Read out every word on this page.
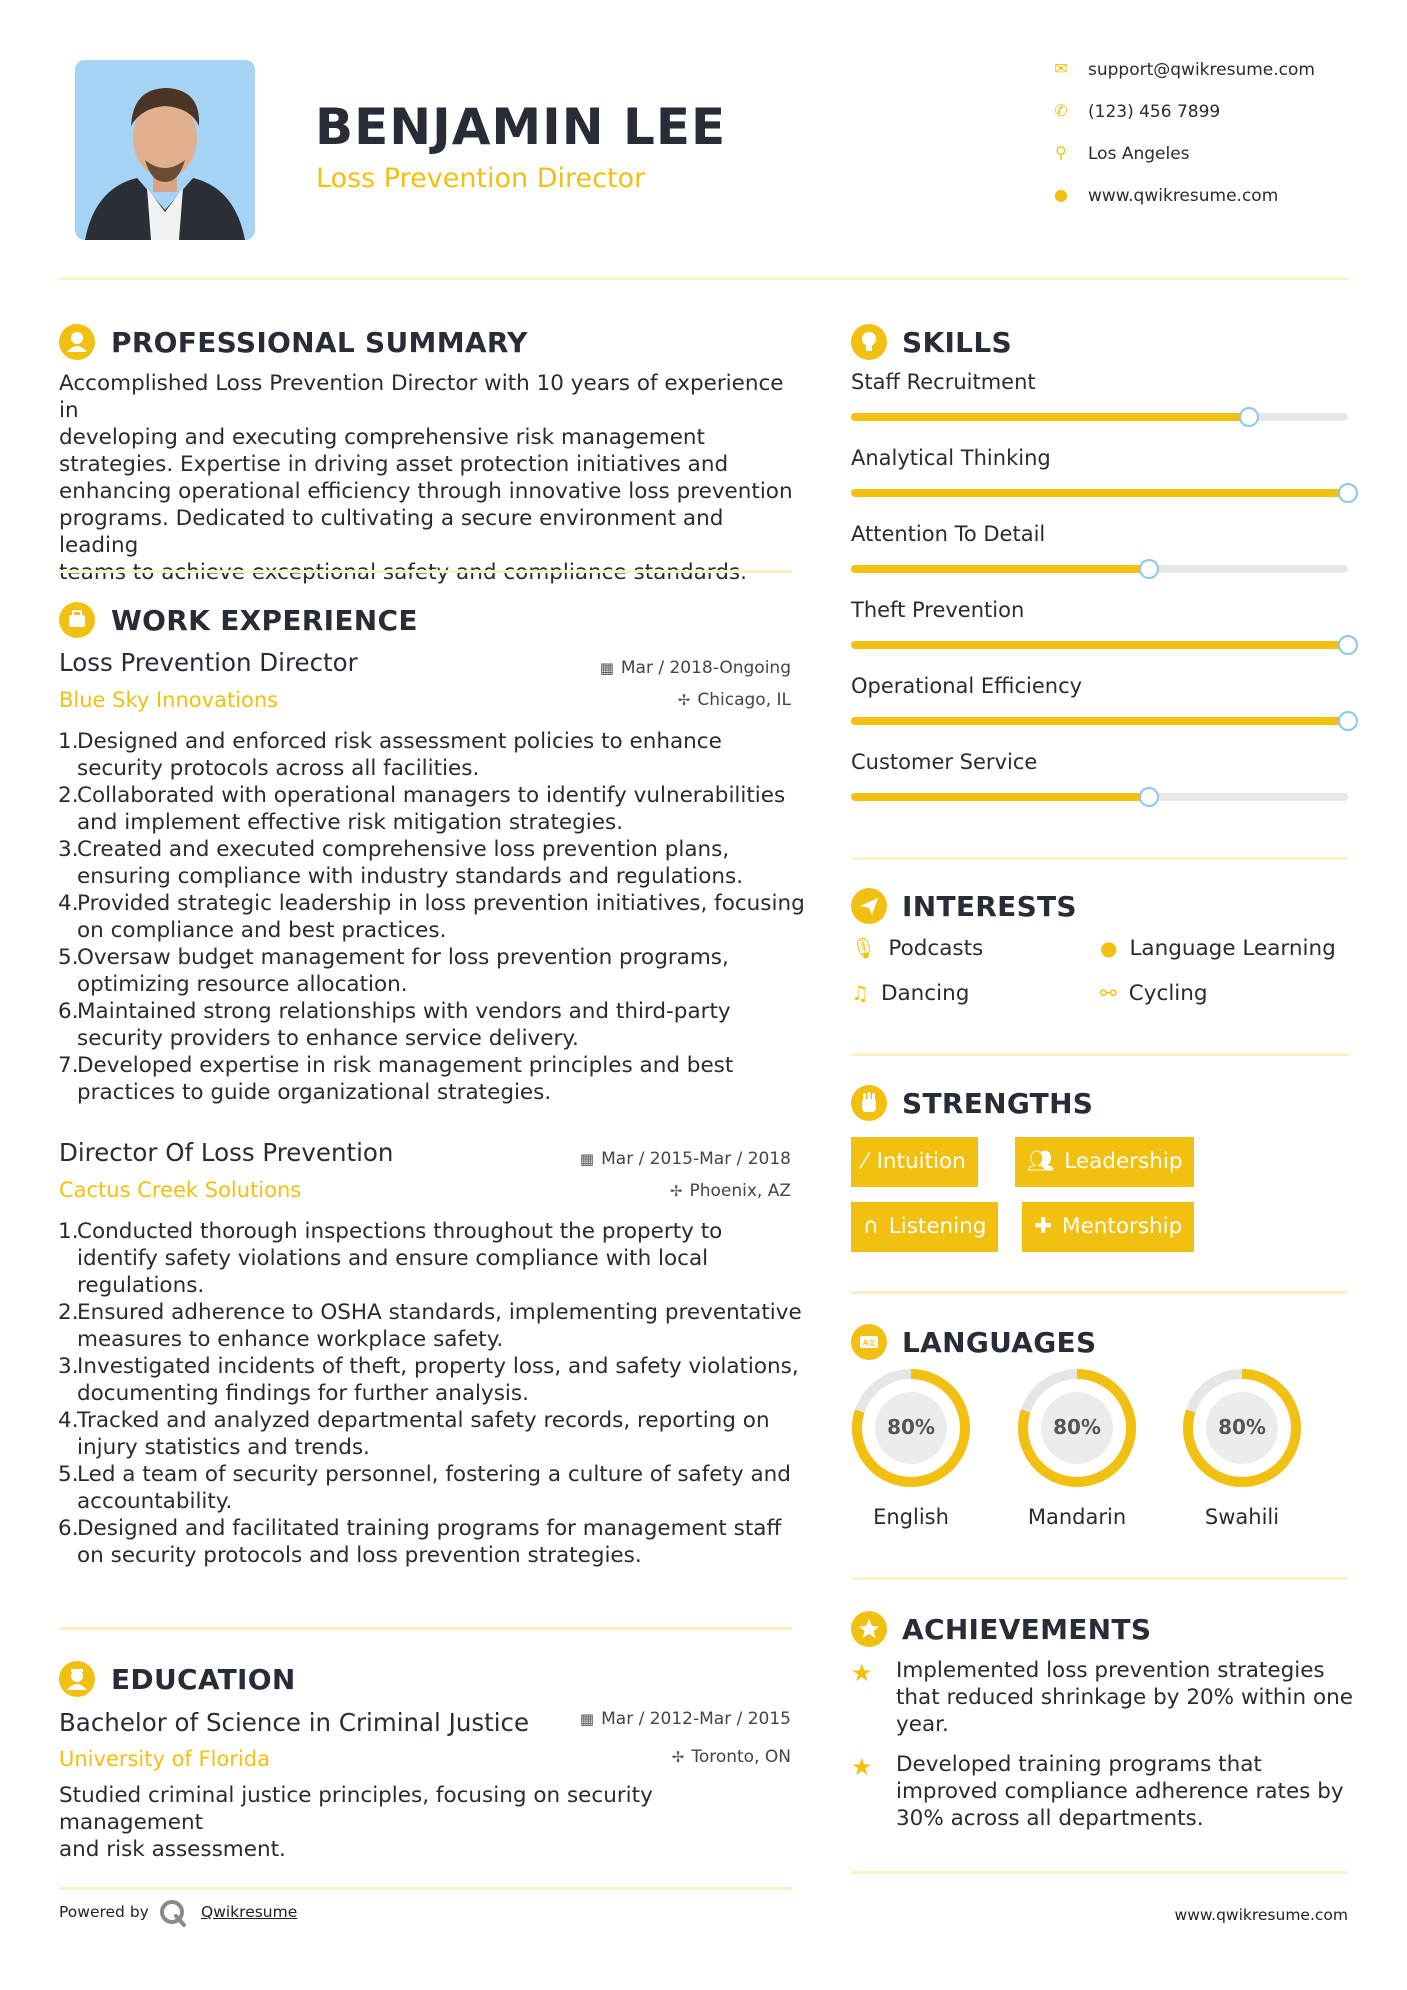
BENJAMIN LEE
Loss Prevention Director
✉ support@qwikresume.com
✆ (123) 456 7899
⚲ Los Angeles
● www.qwikresume.com
PROFESSIONAL SUMMARY
Accomplished Loss Prevention Director with 10 years of experience in
developing and executing comprehensive risk management
strategies. Expertise in driving asset protection initiatives and
enhancing operational efficiency through innovative loss prevention
programs. Dedicated to cultivating a secure environment and leading
WORK EXPERIENCE
Loss Prevention Director
Blue Sky Innovations
▦ Mar / 2018-Ongoing
✢ Chicago, IL
Designed and enforced risk assessment policies to enhance
security protocols across all facilities.
Collaborated with operational managers to identify vulnerabilities
and implement effective risk mitigation strategies.
Created and executed comprehensive loss prevention plans,
ensuring compliance with industry standards and regulations.
Provided strategic leadership in loss prevention initiatives, focusing
on compliance and best practices.
Oversaw budget management for loss prevention programs,
optimizing resource allocation.
Maintained strong relationships with vendors and third-party
security providers to enhance service delivery.
Developed expertise in risk management principles and best
practices to guide organizational strategies.
Director Of Loss Prevention
Cactus Creek Solutions
▦ Mar / 2015-Mar / 2018
✢ Phoenix, AZ
Conducted thorough inspections throughout the property to
identify safety violations and ensure compliance with local
regulations.
Ensured adherence to OSHA standards, implementing preventative
measures to enhance workplace safety.
Investigated incidents of theft, property loss, and safety violations,
documenting findings for further analysis.
Tracked and analyzed departmental safety records, reporting on
injury statistics and trends.
Led a team of security personnel, fostering a culture of safety and
accountability.
Designed and facilitated training programs for management staff
on security protocols and loss prevention strategies.
EDUCATION
Bachelor of Science in Criminal Justice
University of Florida
▦ Mar / 2012-Mar / 2015
✢ Toronto, ON
Studied criminal justice principles, focusing on security management
and risk assessment.
SKILLS
Staff Recruitment
Analytical Thinking
Attention To Detail
Theft Prevention
Operational Efficiency
Customer Service
INTERESTS
🎙︎ Podcasts	● Language Learning
♫ Dancing	⚯ Cycling
STRENGTHS
⁄ Intuition	👥︎ Leadership
∩ Listening	✚ Mentorship
A文 LANGUAGES
80%
English
80%
Mandarin
80%
Swahili
ACHIEVEMENTS
★ Implemented loss prevention strategies
that reduced shrinkage by 20% within one
year.
★ Developed training programs that
improved compliance adherence rates by
30% across all departments.
Powered by	Qwikresume	www.qwikresume.com
